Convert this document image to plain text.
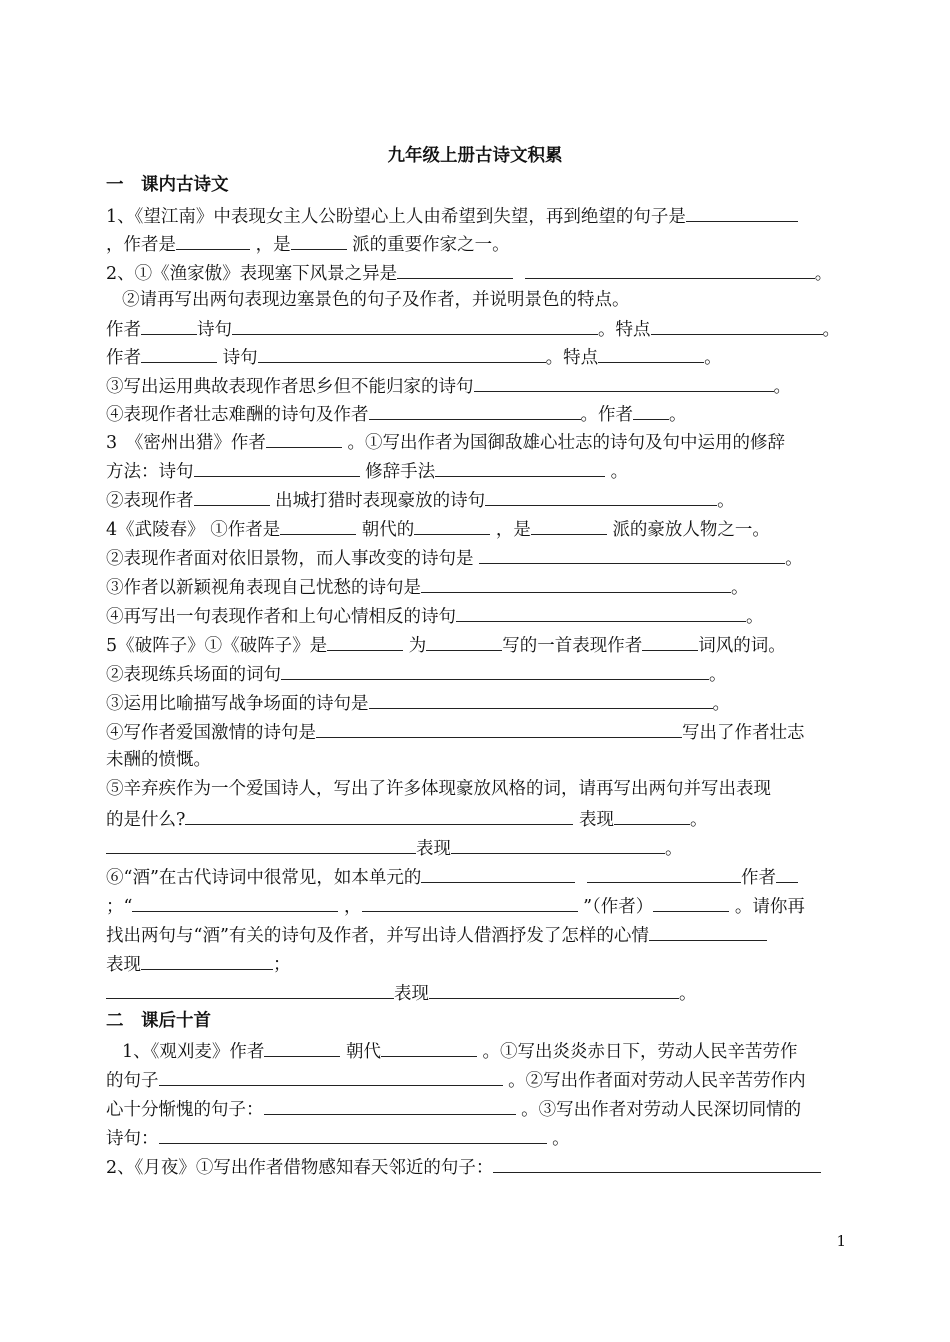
九年级上册古诗文积累
一　课内古诗文
1、《望江南》中表现女主人公盼望心上人由希望到失望，再到绝望的句子是
，作者是	，是	派的重要作家之一。
2、①《渔家傲》表现塞下风景之异是	。
②请再写出两句表现边塞景色的句子及作者，并说明景色的特点。
作者	诗句	。特点	。
作者	诗句	。特点	。
③写出运用典故表现作者思乡但不能归家的诗句	。
④表现作者壮志难酬的诗句及作者	。作者 。
3　《密州出猎》作者	。①写出作者为国御敌雄心壮志的诗句及句中运用的修辞
方法：诗句	修辞手法	。
②表现作者	出城打猎时表现豪放的诗句	。
4《武陵春》 ①作者是	朝代的	，是	派的豪放人物之一。
②表现作者面对依旧景物，而人事改变的诗句是	。
③作者以新颖视角表现自己忧愁的诗句是	。
④再写出一句表现作者和上句心情相反的诗句	。
5《破阵子》①《破阵子》是	为	写的一首表现作者	词风的词。
②表现练兵场面的词句	。
③运用比喻描写战争场面的诗句是	。
④写作者爱国激情的诗句是	写出了作者壮志
未酬的愤慨。
⑤辛弃疾作为一个爱国诗人，写出了许多体现豪放风格的词，请再写出两句并写出表现
的是什么?	表现	。
表现	。
⑥“酒”在古代诗词中很常见，如本单元的	作者
；“	，	”（作者）	。请你再
找出两句与“酒”有关的诗句及作者，并写出诗人借酒抒发了怎样的心情
表现	；
表现	。
二　课后十首
1、《观刈麦》作者	朝代	。①写出炎炎赤日下，劳动人民辛苦劳作
的句子	。②写出作者面对劳动人民辛苦劳作内
心十分惭愧的句子：	。③写出作者对劳动人民深切同情的
诗句：	。
2、《月夜》①写出作者借物感知春天邻近的句子：
1
